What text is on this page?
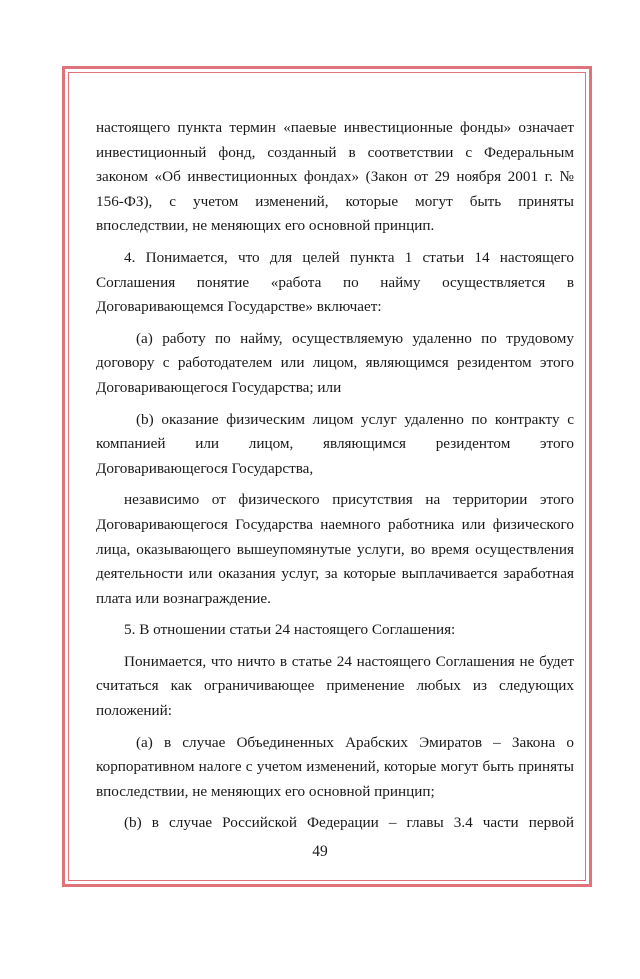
настоящего пункта термин «паевые инвестиционные фонды» означает инвестиционный фонд, созданный в соответствии с Федеральным законом «Об инвестиционных фондах» (Закон от 29 ноября 2001 г. № 156-ФЗ), с учетом изменений, которые могут быть приняты впоследствии, не меняющих его основной принцип.

4. Понимается, что для целей пункта 1 статьи 14 настоящего Соглашения понятие «работа по найму осуществляется в Договаривающемся Государстве» включает:

(a) работу по найму, осуществляемую удаленно по трудовому договору с работодателем или лицом, являющимся резидентом этого Договаривающегося Государства; или

(b) оказание физическим лицом услуг удаленно по контракту с компанией или лицом, являющимся резидентом этого Договаривающегося Государства,

независимо от физического присутствия на территории этого Договаривающегося Государства наемного работника или физического лица, оказывающего вышеупомянутые услуги, во время осуществления деятельности или оказания услуг, за которые выплачивается заработная плата или вознаграждение.

5. В отношении статьи 24 настоящего Соглашения:

Понимается, что ничто в статье 24 настоящего Соглашения не будет считаться как ограничивающее применение любых из следующих положений:

(a) в случае Объединенных Арабских Эмиратов – Закона о корпоративном налоге с учетом изменений, которые могут быть приняты впоследствии, не меняющих его основной принцип;

(b) в случае Российской Федерации – главы 3.4 части первой

49
